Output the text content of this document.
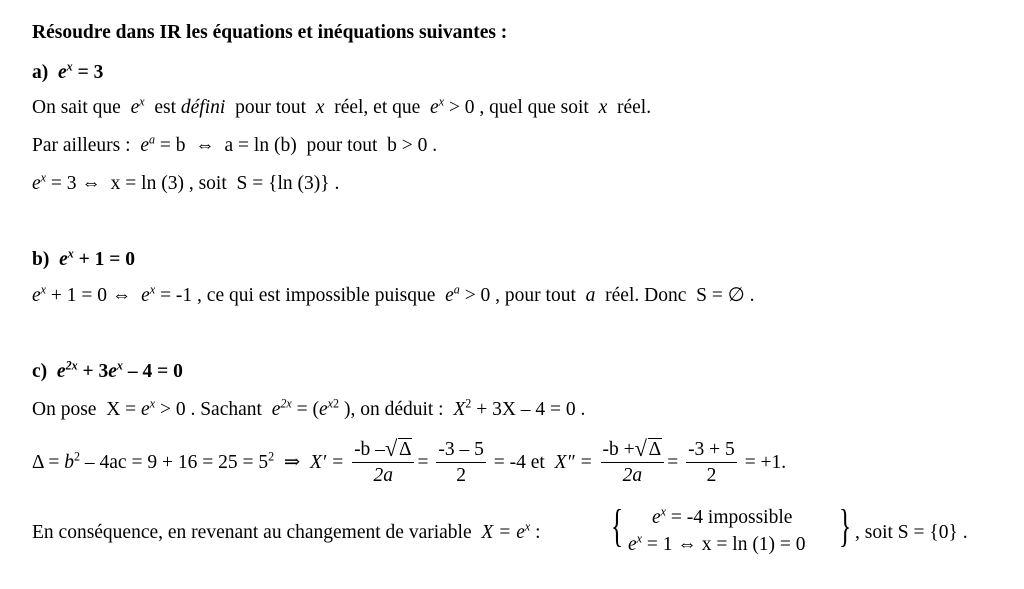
Résoudre dans IR les équations et inéquations suivantes :
a) $e^x = 3$
On sait que $e^x$ est défini pour tout x réel, et que $e^x > 0$ , quel que soit x réel.
Par ailleurs : $e^a = b$ ⇔ a = ln (b) pour tout b > 0 .
$e^x = 3$ ⇔ x = ln (3) , soit S = {ln (3)} .
b) $e^x + 1 = 0$
$e^x + 1 = 0$ ⇔ $e^x = -1$ , ce qui est impossible puisque $e^a > 0$ , pour tout a réel. Donc S = ∅ .
c) $e^{2x} + 3e^x - 4 = 0$
On pose $X = e^x > 0$ . Sachant $e^{2x} = (e^{x2}$ ), on déduit : $X^2 + 3X - 4 = 0$ .
$\Delta = b^2 - 4ac = 9 + 16 = 25 = 5^2$ ⇒ $X' = \frac{-b - √ \Delta}{2a} = \frac{-3 - 5}{2} = -4$ et $X'' = \frac{-b + √ \Delta}{2a} = \frac{-3 + 5}{2} = +1$.
En conséquence, en revenant au changement de variable $X = e^x$ : { $e^x = -4$ impossible
$e^x = 1$ ⇔ x = ln (1) = 0 } , soit S = {0} .
